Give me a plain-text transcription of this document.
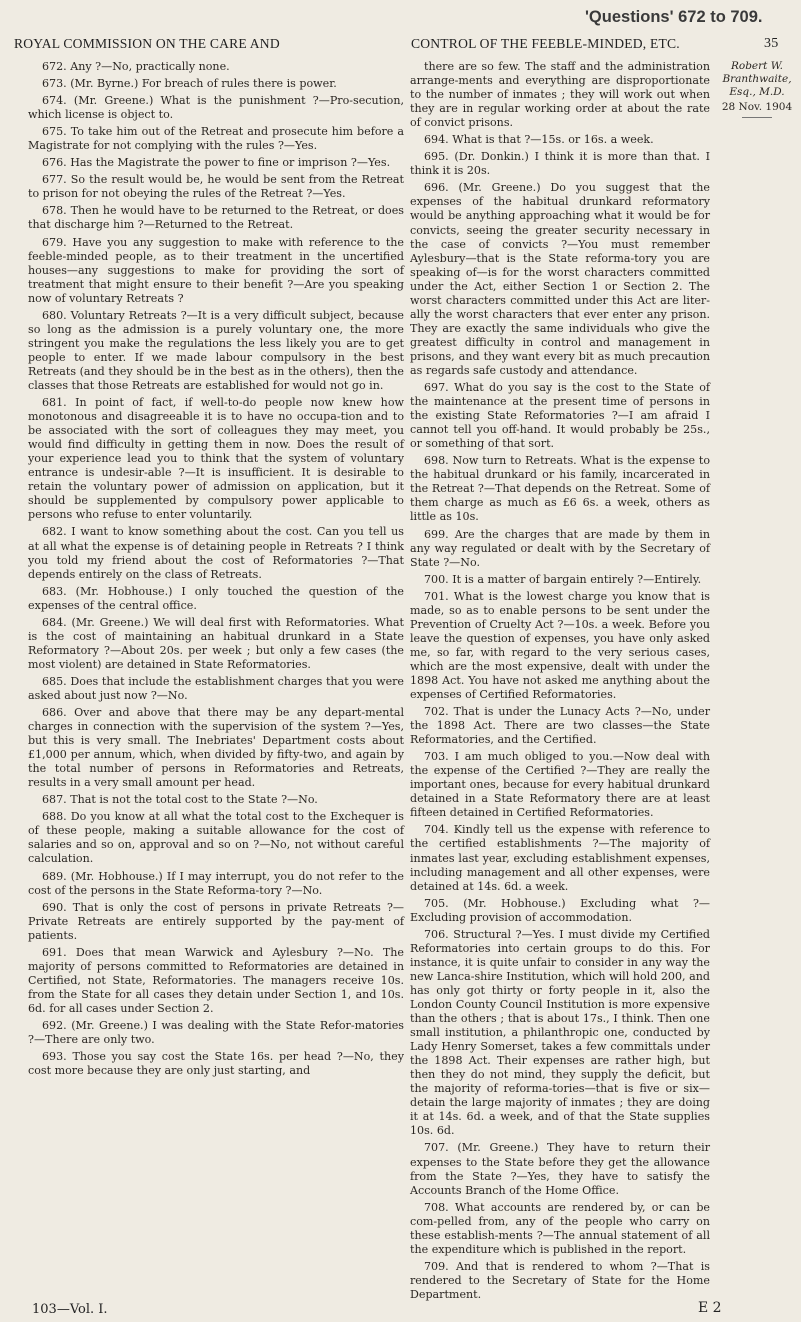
'Questions' 672 to 709.
ROYAL COMMISSION ON THE CARE AND	CONTROL OF THE FEEBLE-MINDED, ETC.	35

672. Any ?—No, practically none.

673. (Mr. Byrne.) For breach of rules there is power.

674. (Mr. Greene.) What is the punishment ?—Pro-secution, which license is object to.

675. To take him out of the Retreat and prosecute him before a Magistrate for not complying with the rules ?—Yes.

676. Has the Magistrate the power to fine or imprison ?—Yes.

677. So the result would be, he would be sent from the Retreat to prison for not obeying the rules of the Retreat ?—Yes.

678. Then he would have to be returned to the Retreat, or does that discharge him ?—Returned to the Retreat.

679. Have you any suggestion to make with reference to the feeble-minded people, as to their treatment in the uncertified houses—any suggestions to make for providing the sort of treatment that might ensure to their benefit ?—Are you speaking now of voluntary Retreats ?

680. Voluntary Retreats ?—It is a very difficult subject, because so long as the admission is a purely voluntary one, the more stringent you make the regulations the less likely you are to get people to enter. If we made labour compulsory in the best Retreats (and they should be in the best as in the others), then the classes that those Retreats are established for would not go in.

681. In point of fact, if well-to-do people now knew how monotonous and disagreeable it is to have no occupa-tion and to be associated with the sort of colleagues they may meet, you would find difficulty in getting them in now. Does the result of your experience lead you to think that the system of voluntary entrance is undesir-able ?—It is insufficient. It is desirable to retain the voluntary power of admission on application, but it should be supplemented by compulsory power applicable to persons who refuse to enter voluntarily.

682. I want to know something about the cost. Can you tell us at all what the expense is of detaining people in Retreats ? I think you told my friend about the cost of Reformatories ?—That depends entirely on the class of Retreats.

683. (Mr. Hobhouse.) I only touched the question of the expenses of the central office.

684. (Mr. Greene.) We will deal first with Reformatories. What is the cost of maintaining an habitual drunkard in a State Reformatory ?—About 20s. per week ; but only a few cases (the most violent) are detained in State Reformatories.

685. Does that include the establishment charges that you were asked about just now ?—No.

686. Over and above that there may be any depart-mental charges in connection with the supervision of the system ?—Yes, but this is very small. The Inebriates' Department costs about £1,000 per annum, which, when divided by fifty-two, and again by the total number of persons in Reformatories and Retreats, results in a very small amount per head.

687. That is not the total cost to the State ?—No.

688. Do you know at all what the total cost to the Exchequer is of these people, making a suitable allowance for the cost of salaries and so on, approval and so on ?—No, not without careful calculation.

689. (Mr. Hobhouse.) If I may interrupt, you do not refer to the cost of the persons in the State Reforma-tory ?—No.

690. That is only the cost of persons in private Retreats ?—Private Retreats are entirely supported by the pay-ment of patients.

691. Does that mean Warwick and Aylesbury ?—No. The majority of persons committed to Reformatories are detained in Certified, not State, Reformatories. The managers receive 10s. from the State for all cases they detain under Section 1, and 10s. 6d. for all cases under Section 2.

692. (Mr. Greene.) I was dealing with the State Refor-matories ?—There are only two.

693. Those you say cost the State 16s. per head ?—No, they cost more because they are only just starting, and

there are so few. The staff and the administration arrange-ments and everything are disproportionate to the number of inmates ; they will work out when they are in regular working order at about the rate of convict prisons.

694. What is that ?—15s. or 16s. a week.

695. (Dr. Donkin.) I think it is more than that. I think it is 20s.

696. (Mr. Greene.) Do you suggest that the expenses of the habitual drunkard reformatory would be anything approaching what it would be for convicts, seeing the greater security necessary in the case of convicts ?—You must remember Aylesbury—that is the State reforma-tory you are speaking of—is for the worst characters committed under the Act, either Section 1 or Section 2. The worst characters committed under this Act are liter-ally the worst characters that ever enter any prison. They are exactly the same individuals who give the greatest difficulty in control and management in prisons, and they want every bit as much precaution as regards safe custody and attendance.

697. What do you say is the cost to the State of the maintenance at the present time of persons in the existing State Reformatories ?—I am afraid I cannot tell you off-hand. It would probably be 25s., or something of that sort.

698. Now turn to Retreats. What is the expense to the habitual drunkard or his family, incarcerated in the Retreat ?—That depends on the Retreat. Some of them charge as much as £6 6s. a week, others as little as 10s.

699. Are the charges that are made by them in any way regulated or dealt with by the Secretary of State ?—No.

700. It is a matter of bargain entirely ?—Entirely.

701. What is the lowest charge you know that is made, so as to enable persons to be sent under the Prevention of Cruelty Act ?—10s. a week. Before you leave the question of expenses, you have only asked me, so far, with regard to the very serious cases, which are the most expensive, dealt with under the 1898 Act. You have not asked me anything about the expenses of Certified Reformatories.

702. That is under the Lunacy Acts ?—No, under the 1898 Act. There are two classes—the State Reformatories, and the Certified.

703. I am much obliged to you.—Now deal with the expense of the Certified ?—They are really the important ones, because for every habitual drunkard detained in a State Reformatory there are at least fifteen detained in Certified Reformatories.

704. Kindly tell us the expense with reference to the certified establishments ?—The majority of inmates last year, excluding establishment expenses, including management and all other expenses, were detained at 14s. 6d. a week.

705. (Mr. Hobhouse.) Excluding what ?—Excluding provision of accommodation.

706. Structural ?—Yes. I must divide my Certified Reformatories into certain groups to do this. For instance, it is quite unfair to consider in any way the new Lanca-shire Institution, which will hold 200, and has only got thirty or forty people in it, also the London County Council Institution is more expensive than the others ; that is about 17s., I think. Then one small institution, a philanthropic one, conducted by Lady Henry Somerset, takes a few committals under the 1898 Act. Their expenses are rather high, but then they do not mind, they supply the deficit, but the majority of reforma-tories—that is five or six—detain the large majority of inmates ; they are doing it at 14s. 6d. a week, and of that the State supplies 10s. 6d.

707. (Mr. Greene.) They have to return their expenses to the State before they get the allowance from the State ?—Yes, they have to satisfy the Accounts Branch of the Home Office.

708. What accounts are rendered by, or can be com-pelled from, any of the people who carry on these establish-ments ?—The annual statement of all the expenditure which is published in the report.

709. And that is rendered to whom ?—That is rendered to the Secretary of State for the Home Department.

Robert W. Branthwaite, Esq., M.D.
28 Nov. 1904
103—Vol. I.	E 2
